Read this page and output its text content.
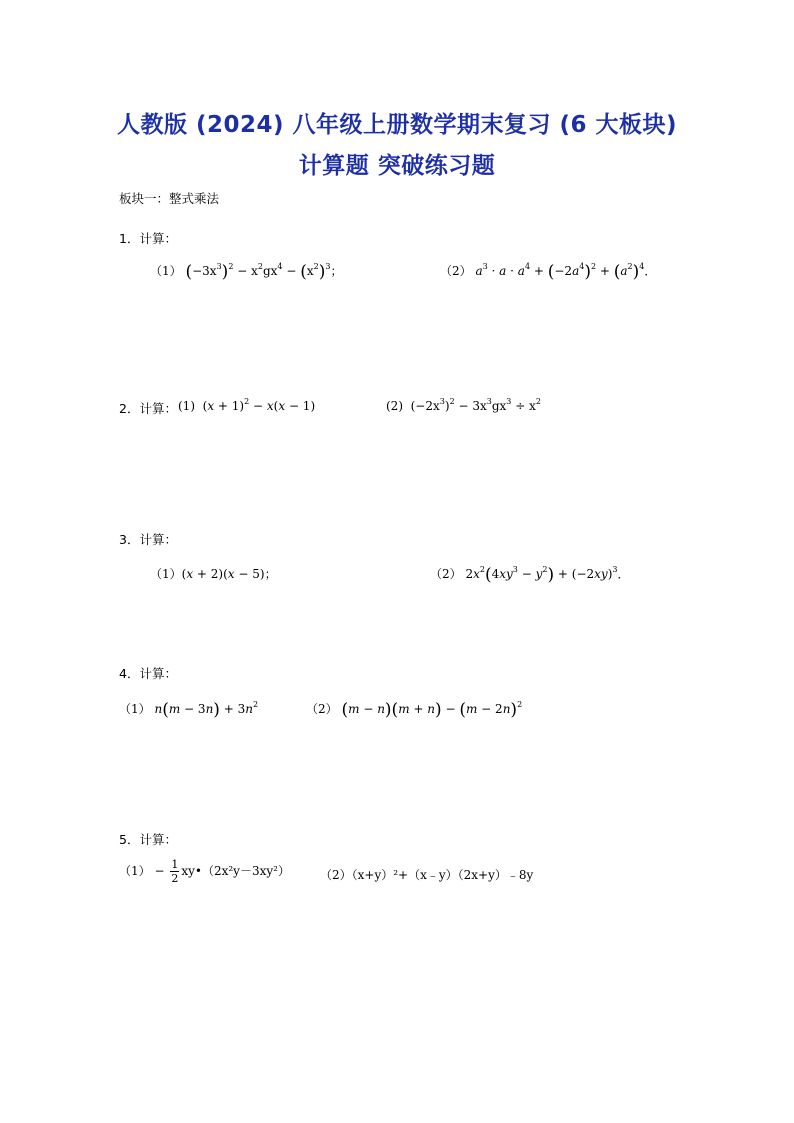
人教版 (2024) 八年级上册数学期末复习 (6 大板块)
计算题 突破练习题
板块一：整式乘法
1．计算：
（1） $(-3x^3)^2 - x^2gx^4 - (x^2)^3$；	（2） $a^3 \cdot a \cdot a^4 + (-2a^4)^2 + (a^2)^4$．
2．计算： (1)  $(x + 1)^2 - x(x - 1)$	(2)  $(-2x^3)^2 - 3x^3gx^3 \div x^2$
3．计算：
（1）(x + 2)(x − 5)；	（2） $2x^2(4xy^3 - y^2) + (-2xy)^3$．
4．计算：
（1） $n(m - 3n) + 3n^2$	（2） $(m - n)(m + n) - (m - 2n)^2$
5．计算：
$(1) - \frac{1}{2}$ xy•（2x²y－3xy²）	（2）（x+y）²+（x﹣y）（2x+y）﹣8y
